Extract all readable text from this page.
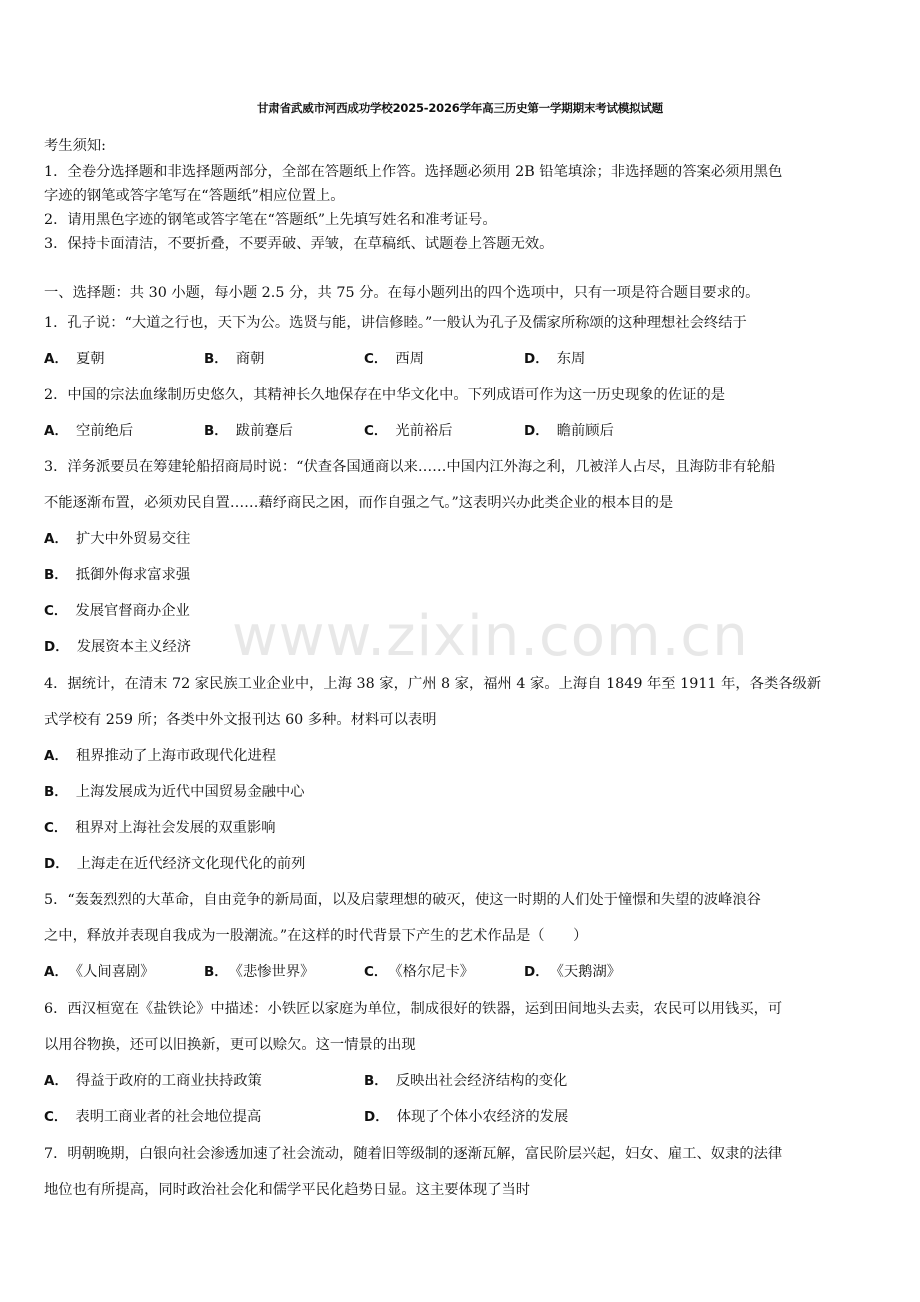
甘肃省武威市河西成功学校2025-2026学年高三历史第一学期期末考试模拟试题
考生须知:
1．全卷分选择题和非选择题两部分，全部在答题纸上作答。选择题必须用 2B 铅笔填涂；非选择题的答案必须用黑色
字迹的钢笔或答字笔写在“答题纸”相应位置上。
2．请用黑色字迹的钢笔或答字笔在“答题纸”上先填写姓名和准考证号。
3．保持卡面清洁，不要折叠，不要弄破、弄皱，在草稿纸、试题卷上答题无效。
一、选择题：共 30 小题，每小题 2.5 分，共 75 分。在每小题列出的四个选项中，只有一项是符合题目要求的。
1．孔子说：“大道之行也，天下为公。选贤与能，讲信修睦。”一般认为孔子及儒家所称颂的这种理想社会终结于
A． 夏朝	B． 商朝	C． 西周	D． 东周
2．中国的宗法血缘制历史悠久，其精神长久地保存在中华文化中。下列成语可作为这一历史现象的佐证的是
A． 空前绝后	B． 跋前蹇后	C． 光前裕后	D． 瞻前顾后
3．洋务派要员在筹建轮船招商局时说：“伏查各国通商以来……中国内江外海之利，几被洋人占尽，且海防非有轮船
不能逐渐布置，必须劝民自置……藉纾商民之困，而作自强之气。”这表明兴办此类企业的根本目的是
A． 扩大中外贸易交往
B． 抵御外侮求富求强
C． 发展官督商办企业
D． 发展资本主义经济
4．据统计，在清末 72 家民族工业企业中，上海 38 家，广州 8 家，福州 4 家。上海自 1849 年至 1911 年，各类各级新
式学校有 259 所；各类中外文报刊达 60 多种。材料可以表明
A． 租界推动了上海市政现代化进程
B． 上海发展成为近代中国贸易金融中心
C． 租界对上海社会发展的双重影响
D． 上海走在近代经济文化现代化的前列
5．“轰轰烈烈的大革命，自由竞争的新局面，以及启蒙理想的破灭，使这一时期的人们处于憧憬和失望的波峰浪谷
之中，释放并表现自我成为一股潮流。”在这样的时代背景下产生的艺术作品是（　　）
A． 《人间喜剧》	B． 《悲惨世界》	C． 《格尔尼卡》	D． 《天鹅湖》
6．西汉桓宽在《盐铁论》中描述：小铁匠以家庭为单位，制成很好的铁器，运到田间地头去卖，农民可以用钱买，可
以用谷物换，还可以旧换新，更可以赊欠。这一情景的出现
A． 得益于政府的工商业扶持政策	B． 反映出社会经济结构的变化
C． 表明工商业者的社会地位提高	D． 体现了个体小农经济的发展
7．明朝晚期，白银向社会渗透加速了社会流动，随着旧等级制的逐渐瓦解，富民阶层兴起，妇女、雇工、奴隶的法律
地位也有所提高，同时政治社会化和儒学平民化趋势日显。这主要体现了当时
www.zixin.com.cn
